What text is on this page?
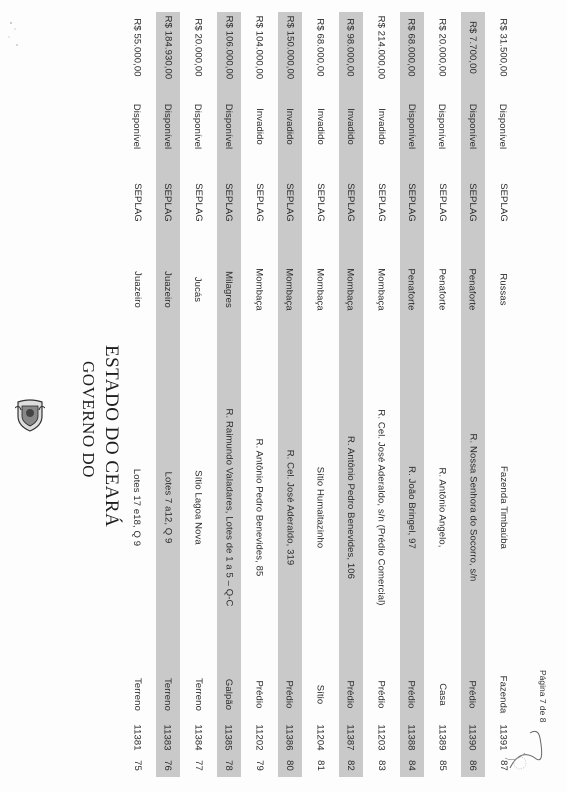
GOVERNO DO ESTADO DO CEARÁ
R$ 55.000,00
Disponível
SEPLAG
Juazeiro
Lotes 17 e18, Q 9
Terreno
11381
75
R$ 184.930,00
Disponível
SEPLAG
Juazeiro
Lotes 7 a12, Q 9
Terreno
11383
76
R$ 20.000,00
Disponível
SEPLAG
Jucás
Sítio Lagoa Nova
Terreno
11384
77
R$ 106.000,00
Disponível
SEPLAG
Milagres
R. Raimundo Valadares, Lotes de 1 a 5 – Q-C
Galpão
11385
78
R$ 104.000,00
Invadido
SEPLAG
Mombaça
R. Antônio Pedro Benevides, 85
Prédio
11202
79
R$ 150.000,00
Invadido
SEPLAG
Mombaça
R. Cel. José Aderaldo, 319
Prédio
11386
80
R$ 68.000,00
Invadido
SEPLAG
Mombaça
Sítio Humaitazinho
Sítio
11204
81
R$ 98.000,00
Invadido
SEPLAG
Mombaça
R. Antônio Pedro Benevides, 106
Prédio
11387
82
R$ 214.000,00
Invadido
SEPLAG
Mombaça
R. Cel. José Aderaldo, s/n (Prédio Comercial)
Prédio
11203
83
R$ 68.000,00
Disponível
SEPLAG
Penaforte
R. João Bringel, 97
Prédio
11388
84
R$ 20.000,00
Disponível
SEPLAG
Penaforte
R. Antônio Angelo,
Casa
11389
85
R$ 7.700,00
Disponível
SEPLAG
Penaforte
R. Nossa Senhora do Socorro, s/n
Prédio
11390
86
R$ 31.500,00
Disponível
SEPLAG
Russas
Fazenda Timbaúba
Fazenda
11391
87
Página 7 de 8
